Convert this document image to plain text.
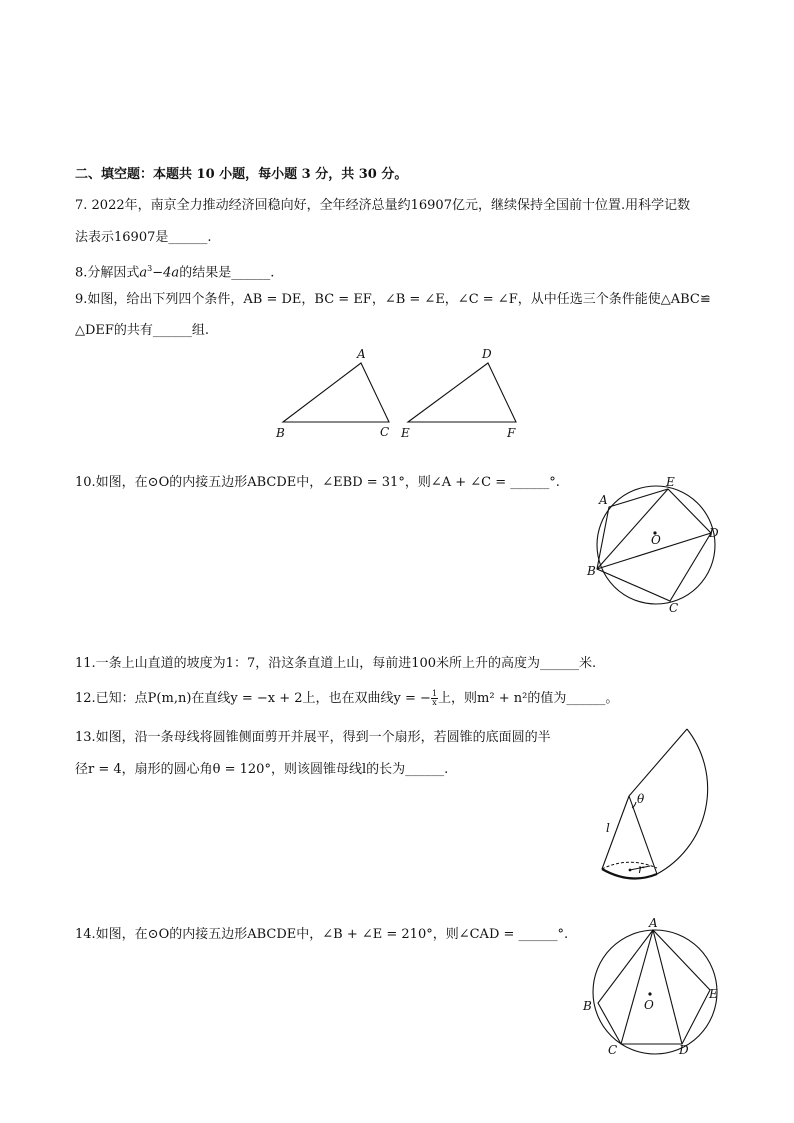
二、填空题：本题共 10 小题，每小题 3 分，共 30 分。
7. 2022年，南京全力推动经济回稳向好，全年经济总量约16907亿元，继续保持全国前十位置.用科学记数
法表示16907是______.
8.分解因式$a^3-4a$的结果是______.
9.如图，给出下列四个条件，AB = DE，BC = EF，∠B = ∠E，∠C = ∠F，从中任选三个条件能使△ABC≌
△DEF的共有______组.
A
B	C
D
E	F
10.如图，在⊙O的内接五边形ABCDE中，∠EBD = 31°，则∠A + ∠C = ______°.
A
B
C
D
E
O
11.一条上山直道的坡度为1：7，沿这条直道上山，每前进100米所上升的高度为______米.
12.已知：点P(m,n)在直线y = −x + 2上，也在双曲线y = − $\frac{1}{x}$ 上，则m² + n²的值为______。
13.如图，沿一条母线将圆锥侧面剪开并展平，得到一个扇形，若圆锥的底面圆的半
径r = 4，扇形的圆心角θ = 120°，则该圆锥母线l的长为______.
θ
l
r
14.如图，在⊙O的内接五边形ABCDE中，∠B + ∠E = 210°，则∠CAD = ______°.
A
B
C	D
E
O
